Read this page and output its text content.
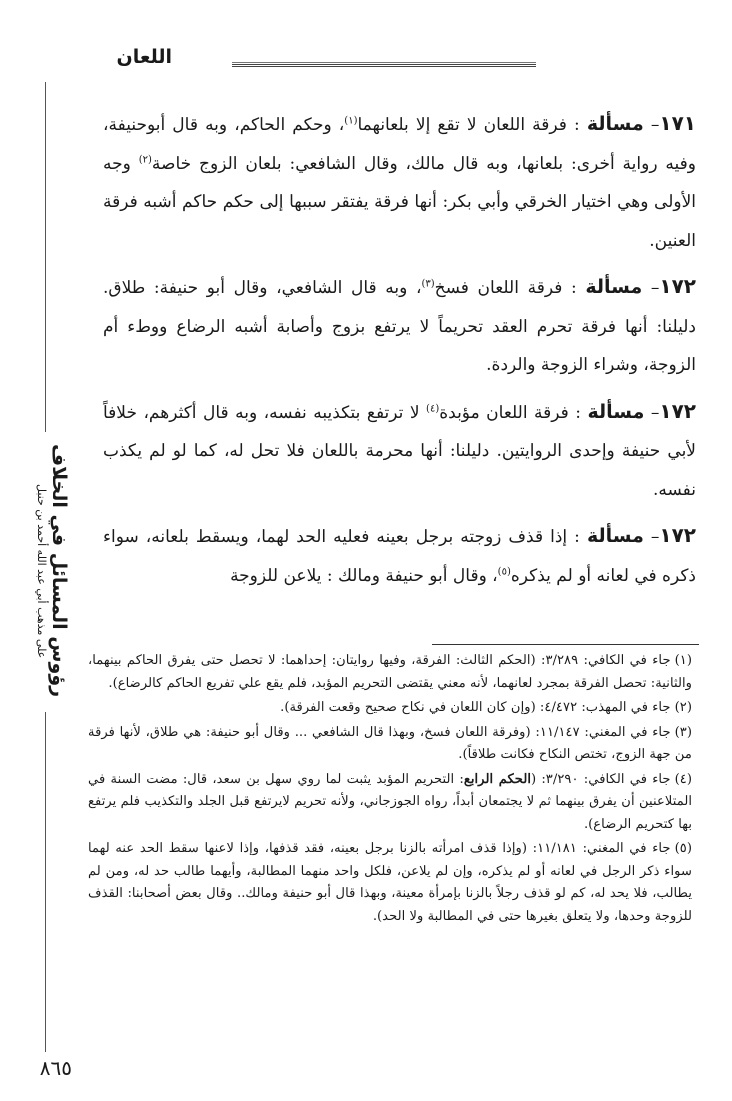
اللعان
رؤوس المسائل في الخلاف
على مذهب أبي عبد الله أحمد بن حنبل

١٧١– مسألة : فرقة اللعان لا تقع إلا بلعانهما$^{(١)}$، وحكم الحاكم، وبه قال أبوحنيفة، وفيه رواية أخرى: بلعانها، وبه قال مالك، وقال الشافعي: بلعان الزوج خاصة$^{(٢)}$ وجه الأولى وهي اختيار الخرقي وأبي بكر: أنها فرقة يفتقر سببها إلى حكم حاكم أشبه فرقة العنين.

١٧٢– مسألة : فرقة اللعان فسخ$^{(٣)}$، وبه قال الشافعي، وقال أبو حنيفة: طلاق. دليلنا: أنها فرقة تحرم العقد تحريماً لا يرتفع بزوج وأصابة أشبه الرضاع ووطء أم الزوجة، وشراء الزوجة والردة.

١٧٢– مسألة : فرقة اللعان مؤبدة$^{(٤)}$ لا ترتفع بتكذيبه نفسه، وبه قال أكثرهم، خلافاً لأبي حنيفة وإحدى الروايتين. دليلنا: أنها محرمة باللعان فلا تحل له، كما لو لم يكذب نفسه.

١٧٢– مسألة : إذا قذف زوجته برجل بعينه فعليه الحد لهما، ويسقط بلعانه، سواء ذكره في لعانه أو لم يذكره$^{(٥)}$، وقال أبو حنيفة ومالك : يلاعن للزوجة

(١)جاء في الكافي: ٣/٢٨٩: (الحكم الثالث: الفرقة، وفيها روايتان: إحداهما: لا تحصل حتى يفرق الحاكم بينهما، والثانية: تحصل الفرقة بمجرد لعانهما، لأنه معني يقتضى التحريم المؤبد، فلم يقع علي تفريع الحاكم كالرضاع).

(٢)جاء في المهذب: ٤/٤٧٢: (وإن كان اللعان في نكاح صحيح وقعت الفرقة).

(٣)جاء في المغني: ١١/١٤٧: (وفرقة اللعان فسخ، وبهذا قال الشافعي ... وقال أبو حنيفة: هي طلاق، لأنها فرقة من جهة الزوج، تختص النكاح فكانت طلاقاً).

(٤)جاء في الكافي: ٣/٢٩٠: (الحكم الرابع: التحريم المؤبد يثبت لما روي سهل بن سعد، قال: مضت السنة في المتلاعنين أن يفرق بينهما ثم لا يجتمعان أبداً، رواه الجوزجاني، ولأنه تحريم لايرتفع قبل الجلد والتكذيب فلم يرتفع بها كتحريم الرضاع).

(٥)جاء في المغني: ١١/١٨١: (وإذا قذف امرأته بالزنا برجل بعينه، فقد قذفها، وإذا لاعنها سقط الحد عنه لهما سواء ذكر الرجل في لعانه أو لم يذكره، وإن لم يلاعن، فلكل واحد منهما المطالبة، وأيهما طالب حد له، ومن لم يطالب، فلا يحد له، كم لو قذف رجلاً بالزنا بإمرأة معينة، وبهذا قال أبو حنيفة ومالك.. وقال بعض أصحابنا: القذف للزوجة وحدها، ولا يتعلق بغيرها حتى في المطالبة ولا الحد).

٨٦٥
